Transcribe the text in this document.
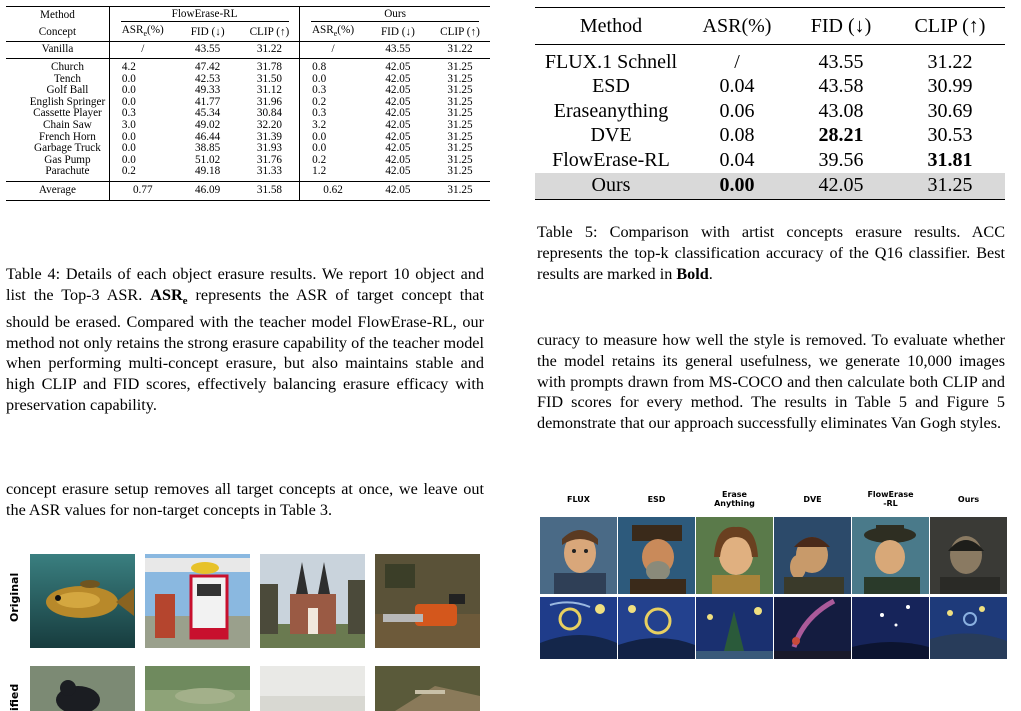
Method	FlowErase-RL			Ours		
Concept	$ASR_e(\%)$	FID (↓)	CLIP (↑)	$ASR_e(\%)$	FID (↓)	CLIP (↑)
Vanilla	/	43.55	31.22	/	43.55	31.22
Church	4.2	47.42	31.78	0.8	42.05	31.25
Tench	0.0	42.53	31.50	0.0	42.05	31.25
Golf Ball	0.0	49.33	31.12	0.3	42.05	31.25
English Springer	0.0	41.77	31.96	0.2	42.05	31.25
Cassette Player	0.3	45.34	30.84	0.3	42.05	31.25
Chain Saw	3.0	49.02	32.20	3.2	42.05	31.25
French Horn	0.0	46.44	31.39	0.0	42.05	31.25
Garbage Truck	0.0	38.85	31.93	0.0	42.05	31.25
Gas Pump	0.0	51.02	31.76	0.2	42.05	31.25
Parachute	0.2	49.18	31.33	1.2	42.05	31.25
Average	0.77	46.09	31.58	0.62	42.05	31.25
Table 4: Details of each object erasure results. We report 10 object and list the Top-3 ASR. $ASR_e$ represents the ASR of target concept that should be erased. Compared with the teacher model FlowErase-RL, our method not only retains the strong erasure capability of the teacher model when performing multi-concept erasure, but also maintains stable and high CLIP and FID scores, effectively balancing erasure efficacy with preservation capability.
concept erasure setup removes all target concepts at once, we leave out the ASR values for non-target concepts in Table 3.
Original
ified
Method	ASR(%)	FID (↓)	CLIP (↑)
FLUX.1 Schnell	/	43.55	31.22
ESD	0.04	43.58	30.99
Eraseanything	0.06	43.08	30.69
DVE	0.08	28.21	30.53
FlowErase-RL	0.04	39.56	31.81
Ours	0.00	42.05	31.25
Table 5: Comparison with artist concepts erasure results. ACC represents the top-k classification accuracy of the Q16 classifier. Best results are marked in Bold.
curacy to measure how well the style is removed. To evaluate whether the model retains its general usefulness, we generate 10,000 images with prompts drawn from MS-COCO and then calculate both CLIP and FID scores for every method. The results in Table 5 and Figure 5 demonstrate that our approach successfully eliminates Van Gogh styles.
FLUX	ESD	Erase
Anything	DVE	FlowErase
-RL	Ours
